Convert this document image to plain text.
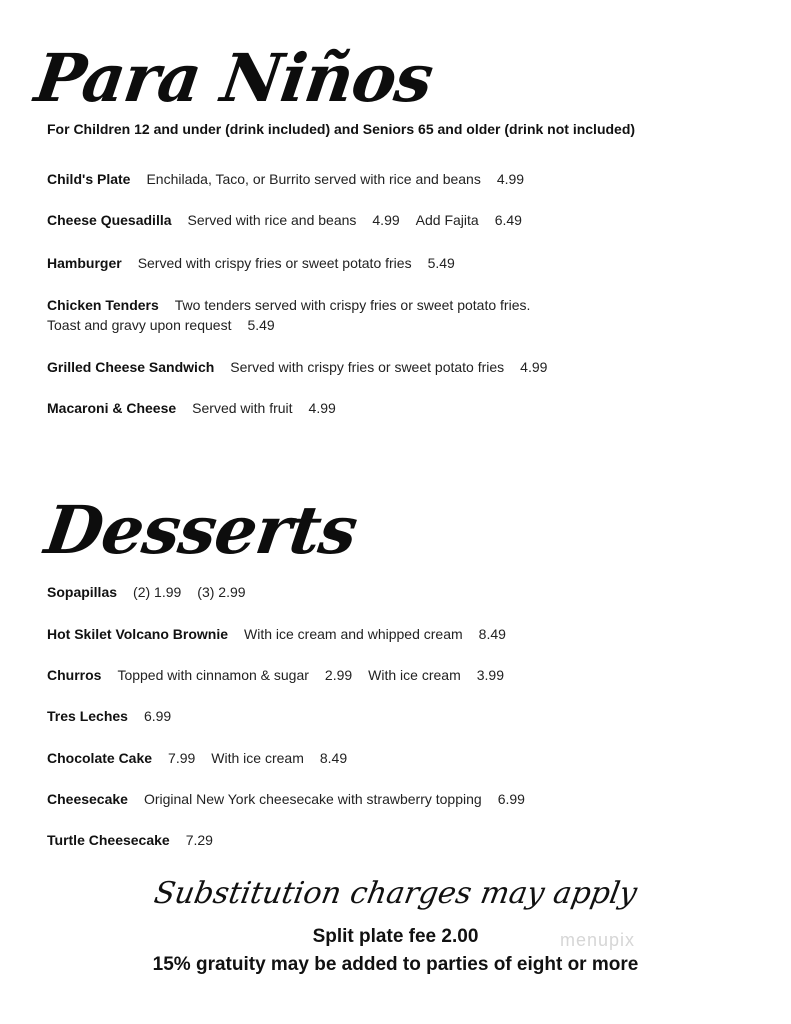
Para Niños
For Children 12 and under (drink included) and Seniors 65 and older (drink not included)
Child's Plate Enchilada, Taco, or Burrito served with rice and beans 4.99
Cheese Quesadilla Served with rice and beans 4.99 Add Fajita 6.49
Hamburger Served with crispy fries or sweet potato fries 5.49
Chicken Tenders Two tenders served with crispy fries or sweet potato fries.
Toast and gravy upon request 5.49
Grilled Cheese Sandwich Served with crispy fries or sweet potato fries 4.99
Macaroni & Cheese Served with fruit 4.99
Desserts
Sopapillas (2) 1.99 (3) 2.99
Hot Skilet Volcano Brownie With ice cream and whipped cream 8.49
Churros Topped with cinnamon & sugar 2.99 With ice cream 3.99
Tres Leches 6.99
Chocolate Cake 7.99 With ice cream 8.49
Cheesecake Original New York cheesecake with strawberry topping 6.99
Turtle Cheesecake 7.29
Substitution charges may apply
Split plate fee 2.00
15% gratuity may be added to parties of eight or more
menupix
